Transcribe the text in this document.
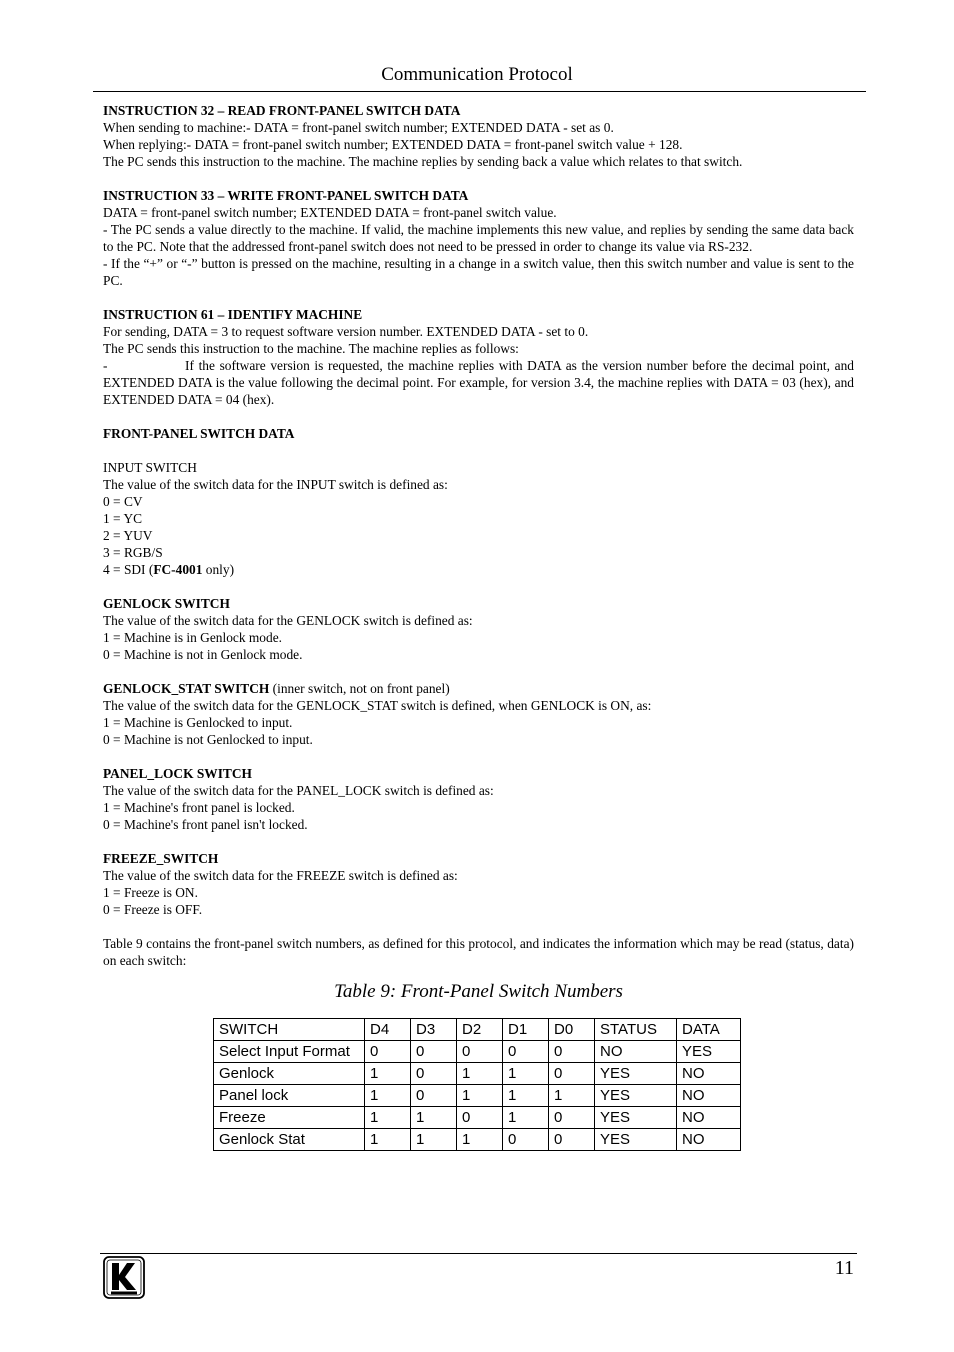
Communication Protocol

INSTRUCTION 32 – READ FRONT-PANEL SWITCH DATA

When sending to machine:- DATA = front-panel switch number; EXTENDED DATA - set as 0.

When replying:- DATA = front-panel switch number; EXTENDED DATA = front-panel switch value + 128.

The PC sends this instruction to the machine. The machine replies by sending back a value which relates to that switch.

INSTRUCTION 33 – WRITE FRONT-PANEL SWITCH DATA

DATA = front-panel switch number; EXTENDED DATA = front-panel switch value.

- The PC sends a value directly to the machine. If valid, the machine implements this new value, and replies by sending the same data back to the PC. Note that the addressed front-panel switch does not need to be pressed in order to change its value via RS-232.

- If the “+” or “-” button is pressed on the machine, resulting in a change in a switch value, then this switch number and value is sent to the PC.

INSTRUCTION 61 – IDENTIFY MACHINE

For sending, DATA = 3 to request software version number. EXTENDED DATA - set to 0.

The PC sends this instruction to the machine. The machine replies as follows:

-	If the software version is requested, the machine replies with DATA as the version number before the decimal point, and EXTENDED DATA is the value following the decimal point. For example, for version 3.4, the machine replies with DATA = 03 (hex), and EXTENDED DATA = 04 (hex).

FRONT-PANEL SWITCH DATA

INPUT SWITCH

The value of the switch data for the INPUT switch is defined as:

0 = CV

1 = YC

2 = YUV

3 = RGB/S

4 = SDI (FC-4001 only)

GENLOCK SWITCH

The value of the switch data for the GENLOCK switch is defined as:

1 = Machine is in Genlock mode.

0 = Machine is not in Genlock mode.

GENLOCK_STAT SWITCH (inner switch, not on front panel)

The value of the switch data for the GENLOCK_STAT switch is defined, when GENLOCK is ON, as:

1 = Machine is Genlocked to input.

0 = Machine is not Genlocked to input.

PANEL_LOCK SWITCH

The value of the switch data for the PANEL_LOCK switch is defined as:

1 = Machine's front panel is locked.

0 = Machine's front panel isn't locked.

FREEZE_SWITCH

The value of the switch data for the FREEZE switch is defined as:

1 = Freeze is ON.

0 = Freeze is OFF.

Table 9 contains the front-panel switch numbers, as defined for this protocol, and indicates the information which may be read (status, data) on each switch:

Table 9: Front-Panel Switch Numbers
SWITCH	D4	D3	D2	D1	D0	STATUS	DATA
Select Input Format	0	0	0	0	0	NO	YES
Genlock	1	0	1	1	0	YES	NO
Panel lock	1	0	1	1	1	YES	NO
Freeze	1	1	0	1	0	YES	NO
Genlock Stat	1	1	1	0	0	YES	NO
11
